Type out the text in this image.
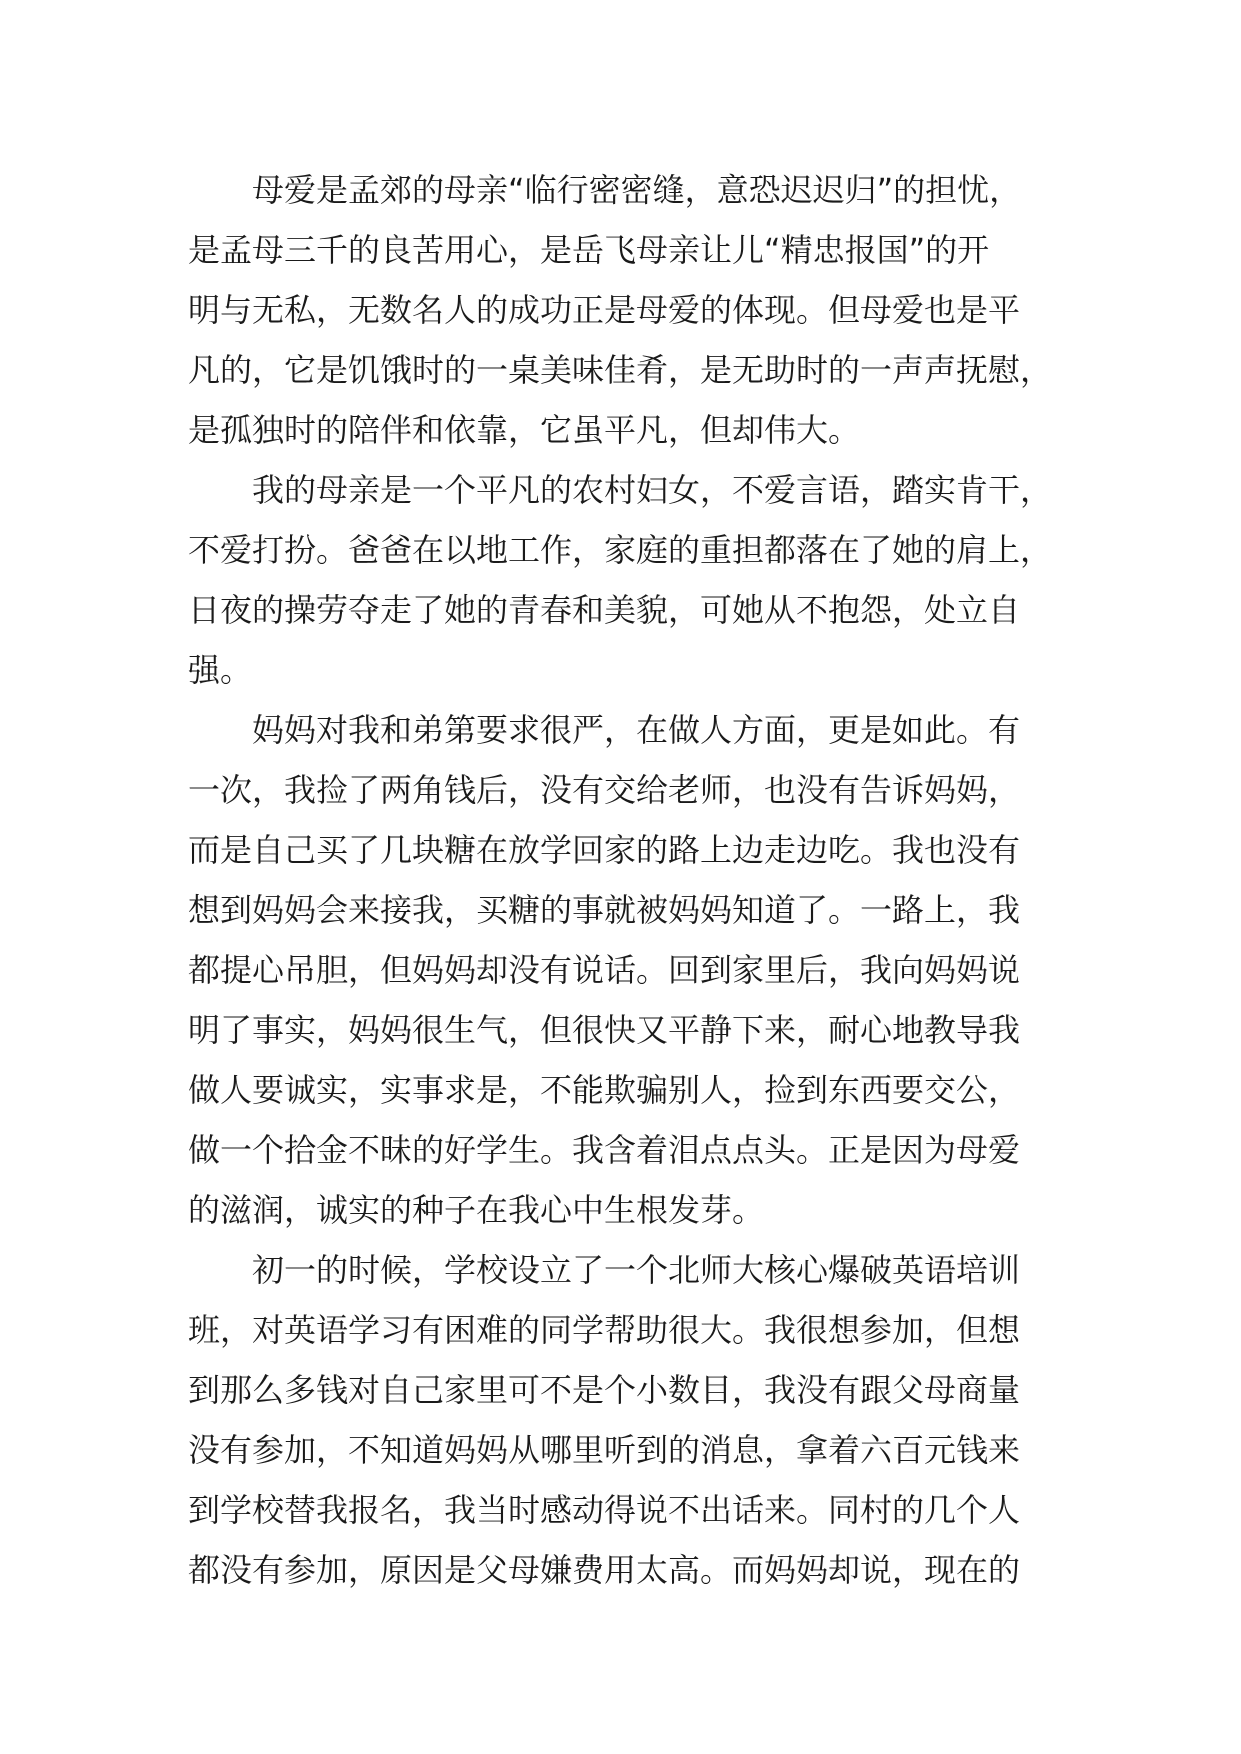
母爱是孟郊的母亲“临行密密缝，意恐迟迟归”的担忧，
是孟母三千的良苦用心，是岳飞母亲让儿“精忠报国”的开
明与无私，无数名人的成功正是母爱的体现。但母爱也是平
凡的，它是饥饿时的一桌美味佳肴，是无助时的一声声抚慰，
是孤独时的陪伴和依靠，它虽平凡，但却伟大。
我的母亲是一个平凡的农村妇女，不爱言语，踏实肯干，
不爱打扮。爸爸在以地工作，家庭的重担都落在了她的肩上，
日夜的操劳夺走了她的青春和美貌，可她从不抱怨，处立自
强。
妈妈对我和弟第要求很严，在做人方面，更是如此。有
一次，我捡了两角钱后，没有交给老师，也没有告诉妈妈，
而是自己买了几块糖在放学回家的路上边走边吃。我也没有
想到妈妈会来接我，买糖的事就被妈妈知道了。一路上，我
都提心吊胆，但妈妈却没有说话。回到家里后，我向妈妈说
明了事实，妈妈很生气，但很快又平静下来，耐心地教导我
做人要诚实，实事求是，不能欺骗别人，捡到东西要交公，
做一个拾金不昧的好学生。我含着泪点点头。正是因为母爱
的滋润，诚实的种子在我心中生根发芽。
初一的时候，学校设立了一个北师大核心爆破英语培训
班，对英语学习有困难的同学帮助很大。我很想参加，但想
到那么多钱对自己家里可不是个小数目，我没有跟父母商量
没有参加，不知道妈妈从哪里听到的消息，拿着六百元钱来
到学校替我报名，我当时感动得说不出话来。同村的几个人
都没有参加，原因是父母嫌费用太高。而妈妈却说，现在的
